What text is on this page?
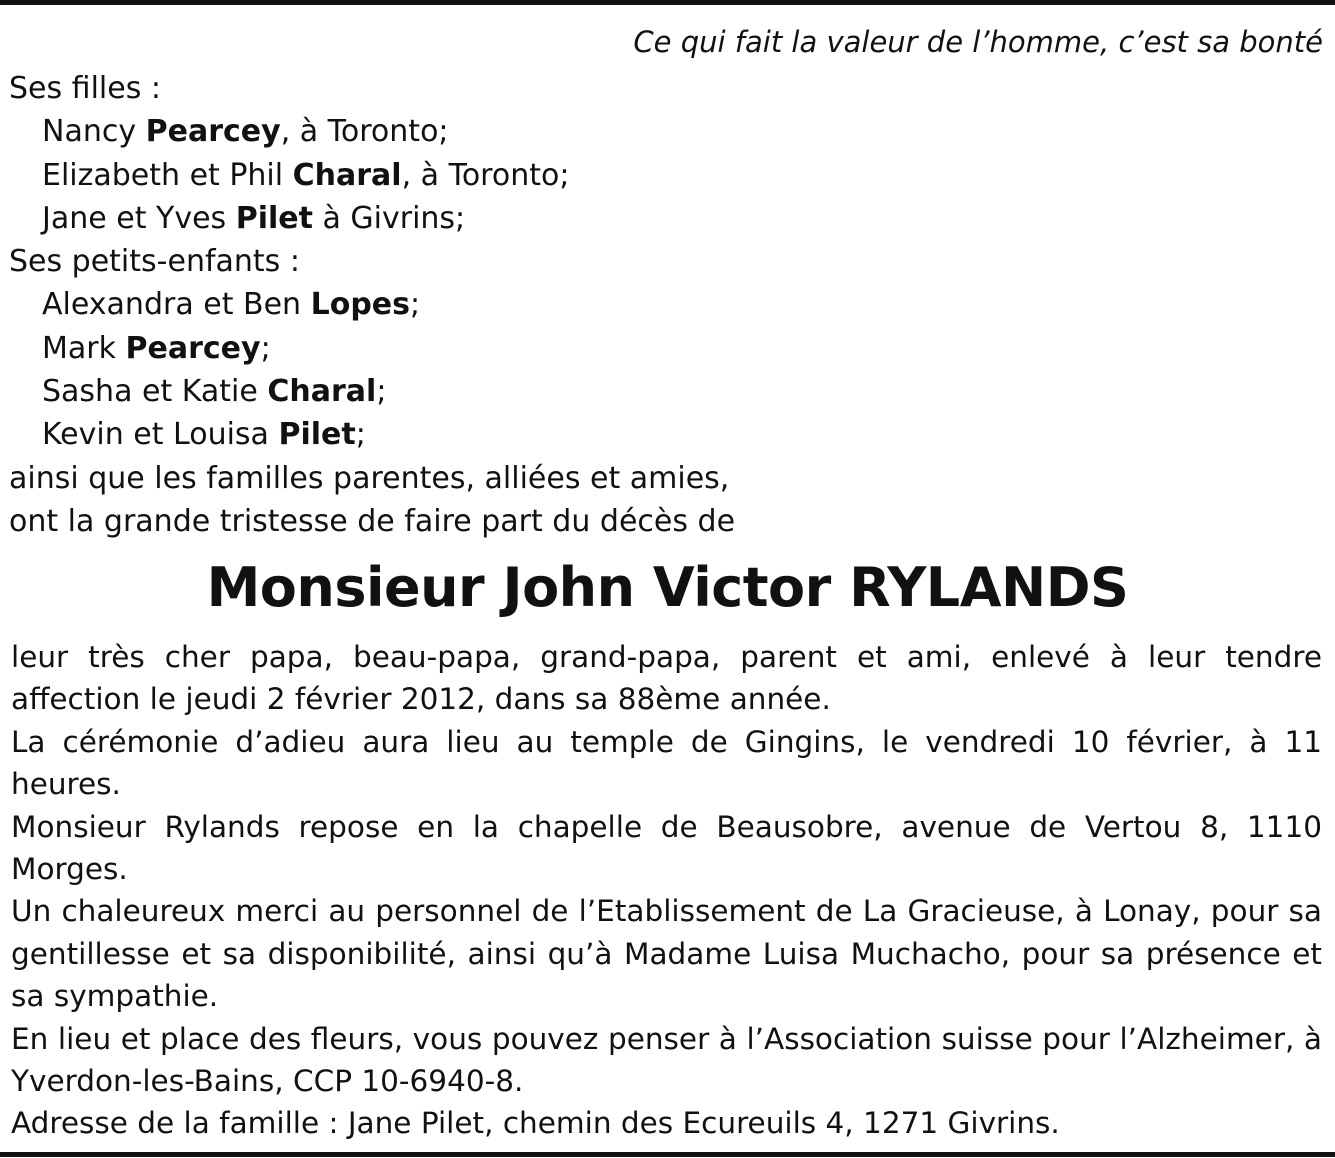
Ce qui fait la valeur de l’homme, c’est sa bonté
Ses filles :
Nancy Pearcey, à Toronto;
Elizabeth et Phil Charal, à Toronto;
Jane et Yves Pilet à Givrins;
Ses petits-enfants :
Alexandra et Ben Lopes;
Mark Pearcey;
Sasha et Katie Charal;
Kevin et Louisa Pilet;
ainsi que les familles parentes, alliées et amies,
ont la grande tristesse de faire part du décès de
Monsieur John Victor RYLANDS

leur très cher papa, beau-papa, grand-papa, parent et ami, enlevé à leur tendre affection le jeudi 2 février 2012, dans sa 88ème année.

La cérémonie d’adieu aura lieu au temple de Gingins, le vendredi 10 février, à 11 heures.

Monsieur Rylands repose en la chapelle de Beausobre, avenue de Vertou 8, 1110 Morges.

Un chaleureux merci au personnel de l’Etablissement de La Gracieuse, à Lonay, pour sa gentillesse et sa disponibilité, ainsi qu’à Madame Luisa Muchacho, pour sa présence et sa sympathie.

En lieu et place des fleurs, vous pouvez penser à l’Association suisse pour l’Alzheimer, à Yverdon-les-Bains, CCP 10-6940-8.

Adresse de la famille : Jane Pilet, chemin des Ecureuils 4, 1271 Givrins.
